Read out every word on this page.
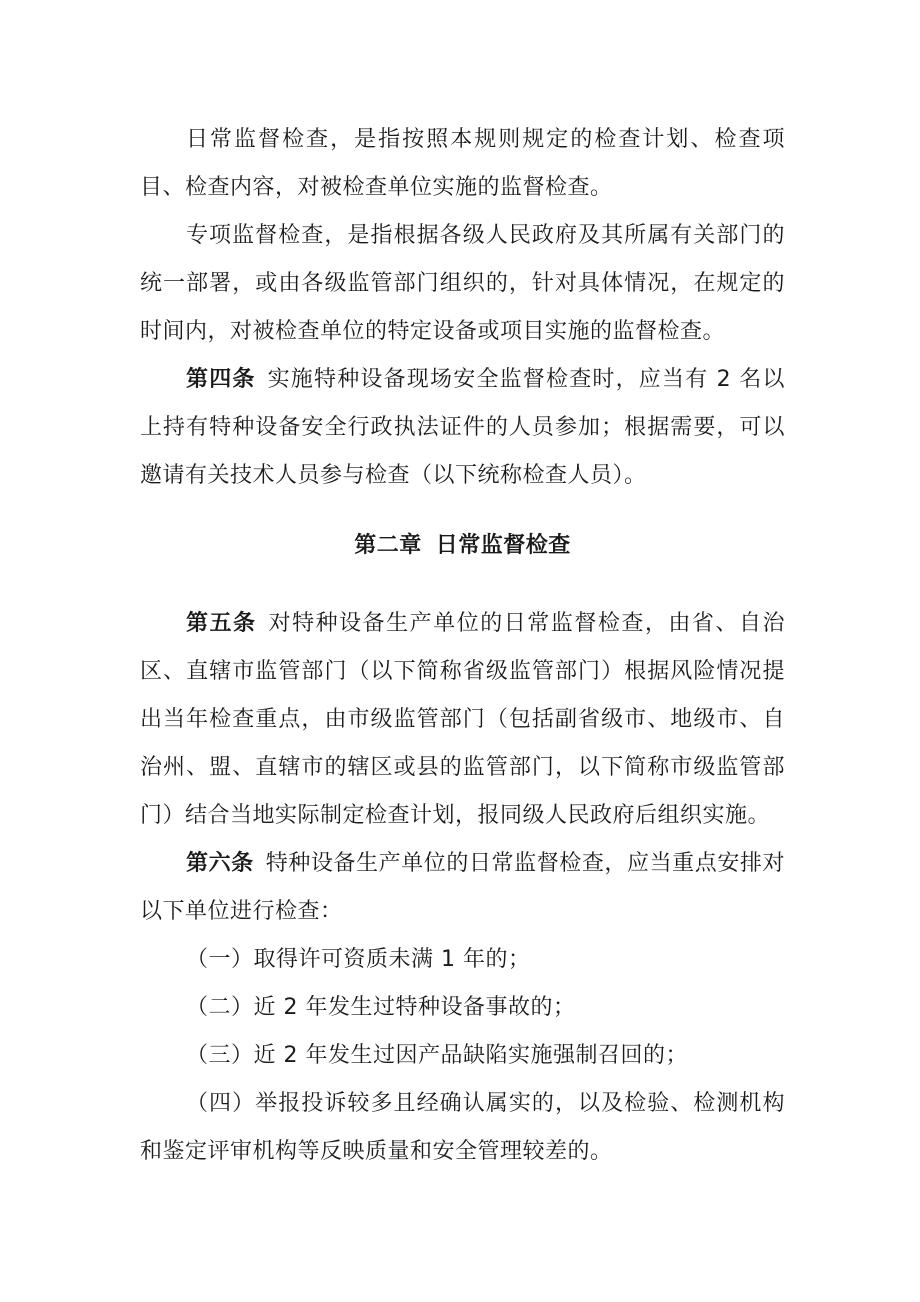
日常监督检查，是指按照本规则规定的检查计划、检查项目、检查内容，对被检查单位实施的监督检查。

专项监督检查，是指根据各级人民政府及其所属有关部门的统一部署，或由各级监管部门组织的，针对具体情况，在规定的时间内，对被检查单位的特定设备或项目实施的监督检查。

第四条 实施特种设备现场安全监督检查时，应当有 2 名以上持有特种设备安全行政执法证件的人员参加；根据需要，可以邀请有关技术人员参与检查（以下统称检查人员）。

第二章 日常监督检查

第五条 对特种设备生产单位的日常监督检查，由省、自治区、直辖市监管部门（以下简称省级监管部门）根据风险情况提出当年检查重点，由市级监管部门（包括副省级市、地级市、自治州、盟、直辖市的辖区或县的监管部门，以下简称市级监管部门）结合当地实际制定检查计划，报同级人民政府后组织实施。

第六条 特种设备生产单位的日常监督检查，应当重点安排对以下单位进行检查：

（一）取得许可资质未满 1 年的；

（二）近 2 年发生过特种设备事故的；

（三）近 2 年发生过因产品缺陷实施强制召回的；

（四）举报投诉较多且经确认属实的，以及检验、检测机构和鉴定评审机构等反映质量和安全管理较差的。
